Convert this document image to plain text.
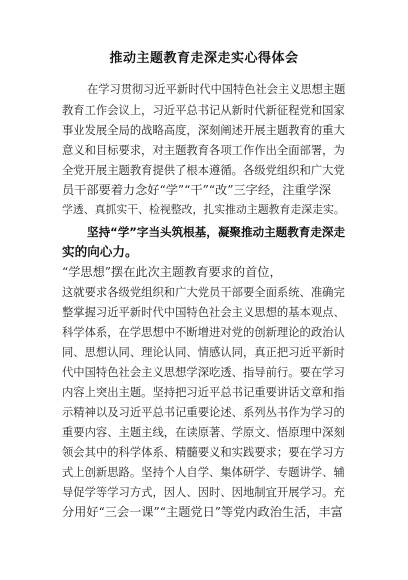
推动主题教育走深走实心得体会
在学习贯彻习近平新时代中国特色社会主义思想主题
教育工作会议上，习近平总书记从新时代新征程党和国家
事业发展全局的战略高度，深刻阐述开展主题教育的重大
意义和目标要求，对主题教育各项工作作出全面部署，为
全党开展主题教育提供了根本遵循。各级党组织和广大党
员干部要着力念好“学”“干”“改”三字经，注重学深
学透、真抓实干、检视整改，扎实推动主题教育走深走实。
坚持“学”字当头筑根基，凝聚推动主题教育走深走
实的向心力。
“学思想”摆在此次主题教育要求的首位，
这就要求各级党组织和广大党员干部要全面系统、准确完
整掌握习近平新时代中国特色社会主义思想的基本观点、
科学体系，在学思想中不断增进对党的创新理论的政治认
同、思想认同、理论认同、情感认同，真正把习近平新时
代中国特色社会主义思想学深吃透、指导前行。要在学习
内容上突出主题。坚持把习近平总书记重要讲话文章和指
示精神以及习近平总书记重要论述、系列丛书作为学习的
重要内容、主题主线，在读原著、学原文、悟原理中深刻
领会其中的科学体系、精髓要义和实践要求；要在学习方
式上创新思路。坚持个人自学、集体研学、专题讲学、辅
导促学等学习方式，因人、因时、因地制宜开展学习。充
分用好“三会一课”“主题党日”等党内政治生活，丰富
